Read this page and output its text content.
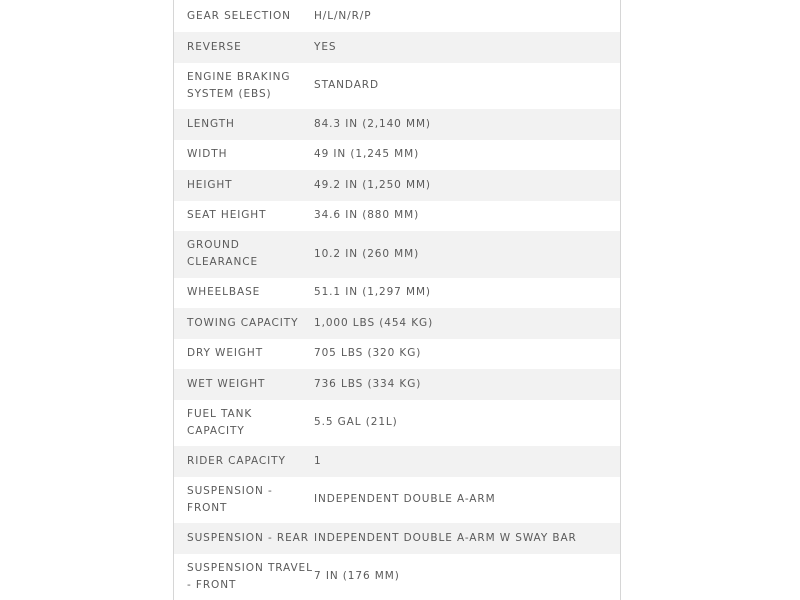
GEAR SELECTION	H/L/N/R/P
REVERSE	YES
ENGINE BRAKING SYSTEM (EBS)	STANDARD
LENGTH	84.3 IN (2,140 MM)
WIDTH	49 IN (1,245 MM)
HEIGHT	49.2 IN (1,250 MM)
SEAT HEIGHT	34.6 IN (880 MM)
GROUND CLEARANCE	10.2 IN (260 MM)
WHEELBASE	51.1 IN (1,297 MM)
TOWING CAPACITY	1,000 LBS (454 KG)
DRY WEIGHT	705 LBS (320 KG)
WET WEIGHT	736 LBS (334 KG)
FUEL TANK CAPACITY	5.5 GAL (21L)
RIDER CAPACITY	1
SUSPENSION - FRONT	INDEPENDENT DOUBLE A-ARM
SUSPENSION - REAR	INDEPENDENT DOUBLE A-ARM W SWAY BAR
SUSPENSION TRAVEL - FRONT	7 IN (176 MM)
